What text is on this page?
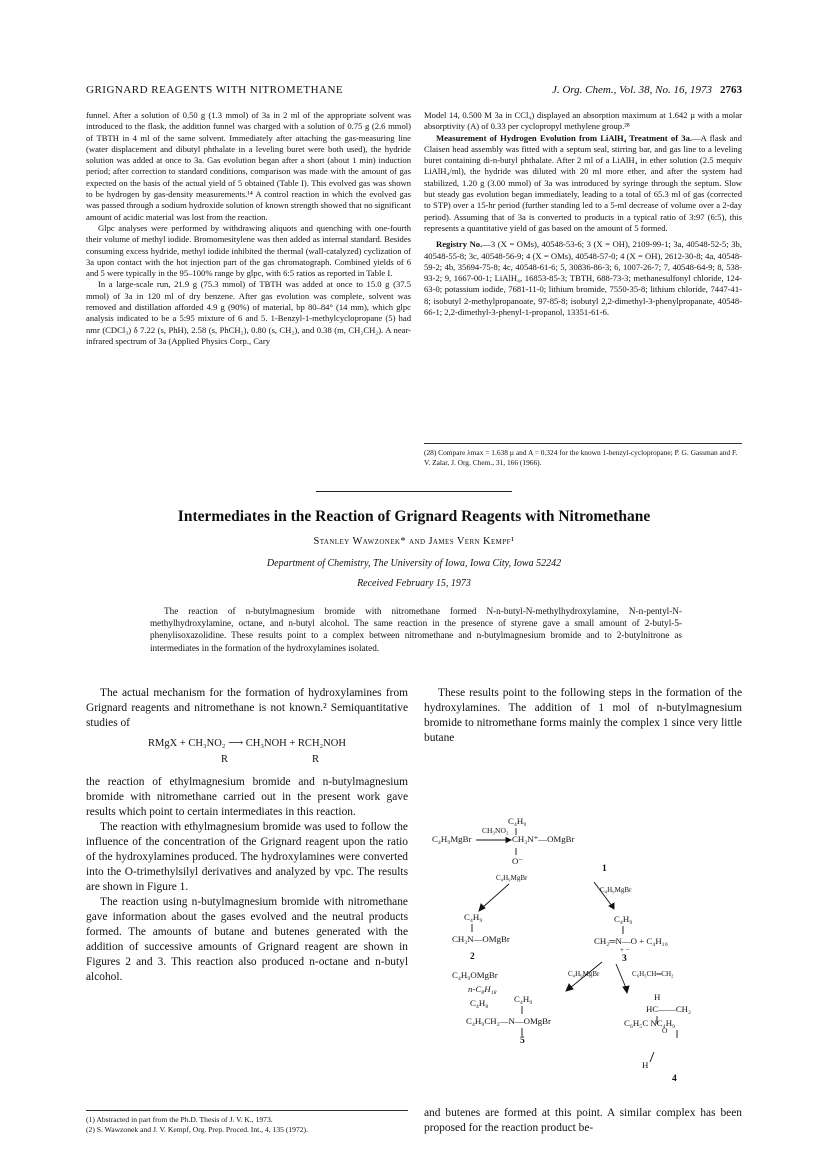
GRIGNARD REAGENTS WITH NITROMETHANE	J. Org. Chem., Vol. 38, No. 16, 1973 2763

funnel. After a solution of 0.50 g (1.3 mmol) of 3a in 2 ml of the appropriate solvent was introduced to the flask, the addition funnel was charged with a solution of 0.75 g (2.6 mmol) of TBTH in 4 ml of the same solvent. Immediately after attaching the gas-measuring line (water displacement and dibutyl phthalate in a leveling buret were both used), the hydride solution was added at once to 3a. Gas evolution began after a short (about 1 min) induction period; after correction to standard conditions, comparison was made with the amount of gas expected on the basis of the actual yield of 5 obtained (Table I). This evolved gas was shown to be hydrogen by gas-density measurements.¹⁴ A control reaction in which the evolved gas was passed through a sodium hydroxide solution of known strength showed that no significant amount of acidic material was lost from the reaction.

Glpc analyses were performed by withdrawing aliquots and quenching with one-fourth their volume of methyl iodide. Bromomesitylene was then added as internal standard. Besides consuming excess hydride, methyl iodide inhibited the thermal (wall-catalyzed) cyclization of 3a upon contact with the hot injection part of the gas chromatograph. Combined yields of 6 and 5 were typically in the 95–100% range by glpc, with 6:5 ratios as reported in Table I.

In a large-scale run, 21.9 g (75.3 mmol) of TBTH was added at once to 15.0 g (37.5 mmol) of 3a in 120 ml of dry benzene. After gas evolution was complete, solvent was removed and distillation afforded 4.9 g (90%) of material, bp 80–84° (14 mm), which glpc analysis indicated to be a 5:95 mixture of 6 and 5. 1-Benzyl-1-methylcyclopropane (5) had nmr (CDCl₃) δ 7.22 (s, PhH), 2.58 (s, PhCH₂), 0.80 (s, CH₂), and 0.38 (m, CH₂CH₂). A near-infrared spectrum of 3a (Applied Physics Corp., Cary

Model 14, 0.500 M 3a in CCl₄) displayed an absorption maximum at 1.642 µ with a molar absorptivity (A) of 0.33 per cyclopropyl methylene group.²⁸

Measurement of Hydrogen Evolution from LiAlH₄ Treatment of 3a.—A flask and Claisen head assembly was fitted with a septum seal, stirring bar, and gas line to a leveling buret containing di-n-butyl phthalate. After 2 ml of a LiAlH₄ in ether solution (2.5 mequiv LiAlH₄/ml), the hydride was diluted with 20 ml more ether, and after the system had stabilized, 1.20 g (3.00 mmol) of 3a was introduced by syringe through the septum. Slow but steady gas evolution began immediately, leading to a total of 65.3 ml of gas (corrected to STP) over a 15-hr period (further standing led to a 5-ml decrease of volume over a 2-day period). Assuming that of 3a is converted to products in a typical ratio of 3:97 (6:5), this represents a quantitative yield of gas based on the amount of 5 formed.

Registry No.—3 (X = OMs), 40548-53-6; 3 (X = OH), 2109-99-1; 3a, 40548-52-5; 3b, 40548-55-8; 3c, 40548-56-9; 4 (X = OMs), 40548-57-0; 4 (X = OH), 2612-30-8; 4a, 40548-59-2; 4b, 35694-75-8; 4c, 40548-61-6; 5, 30836-86-3; 6, 1007-26-7; 7, 40548-64-9; 8, 538-93-2; 9, 1667-00-1; LiAlH₄, 16853-85-3; TBTH, 688-73-3; methanesulfonyl chloride, 124-63-0; potassium iodide, 7681-11-0; lithium bromide, 7550-35-8; lithium chloride, 7447-41-8; isobutyl 2-methylpropanoate, 97-85-8; isobutyl 2,2-dimethyl-3-phenylpropanate, 40548-66-1; 2,2-dimethyl-3-phenyl-1-propanol, 13351-61-6.

(28) Compare λmax = 1.638 µ and A = 0.324 for the known 1-benzyl-cyclopropane; P. G. Gassman and F. V. Zalar, J. Org. Chem., 31, 166 (1966).
Intermediates in the Reaction of Grignard Reagents with Nitromethane
Stanley Wawzonek* and James Vern Kempf¹
Department of Chemistry, The University of Iowa, Iowa City, Iowa 52242
Received February 15, 1973
The reaction of n-butylmagnesium bromide with nitromethane formed N-n-butyl-N-methylhydroxylamine, N-n-pentyl-N-methylhydroxylamine, octane, and n-butyl alcohol. The same reaction in the presence of styrene gave a small amount of 2-butyl-5-phenylisoxazolidine. These results point to a complex between nitromethane and n-butylmagnesium bromide and to 2-butylnitrone as intermediates in the formation of the hydroxylamines isolated.

The actual mechanism for the formation of hydroxylamines from Grignard reagents and nitromethane is not known.² Semiquantitative studies of

the reaction of ethylmagnesium bromide and n-butylmagnesium bromide with nitromethane carried out in the present work gave results which point to certain intermediates in this reaction.

The reaction with ethylmagnesium bromide was used to follow the influence of the concentration of the Grignard reagent upon the ratio of the hydroxylamines produced. The hydroxylamines were converted into the O-trimethylsilyl derivatives and analyzed by vpc. The results are shown in Figure 1.

The reaction using n-butylmagnesium bromide with nitromethane gave information about the gases evolved and the neutral products formed. The amounts of butane and butenes generated with the addition of successive amounts of Grignard reagent are shown in Figures 2 and 3. This reaction also produced n-octane and n-butyl alcohol.

RMgX + CH₃NO₂ ⟶ CH₃NOH + RCH₂NOH
R	R
(1) Abstracted in part from the Ph.D. Thesis of J. V. K., 1973.
(2) S. Wawzonek and J. V. Kempf, Org. Prep. Proced. Int., 4, 135 (1972).

These results point to the following steps in the formation of the hydroxylamines. The addition of 1 mol of n-butylmagnesium bromide to nitromethane forms mainly the complex 1 since very little butane

C₄H₉
C₄H₉MgBr
CH₃NO₂
CH₃N⁺—OMgBr
O⁻
1
C₄H₉MgBr
C₄H₉MgBr
C₄H₉
CH₃N—OMgBr
2
C₄H₉
CH₂═N—O + C₄H₁₀
+ −
3
C₄H₉OMgBr
n-C₈H₁₈
C₄H₈
C₄H₉MgBr	C₆H₅CH═CH₂
C₄H₉
C₄H₉CH₂—N—OMgBr
5
H
HC——CH₂
C₆H₅C NC₄H₉
O
H
4
and butenes are formed at this point. A similar complex has been proposed for the reaction product be-
